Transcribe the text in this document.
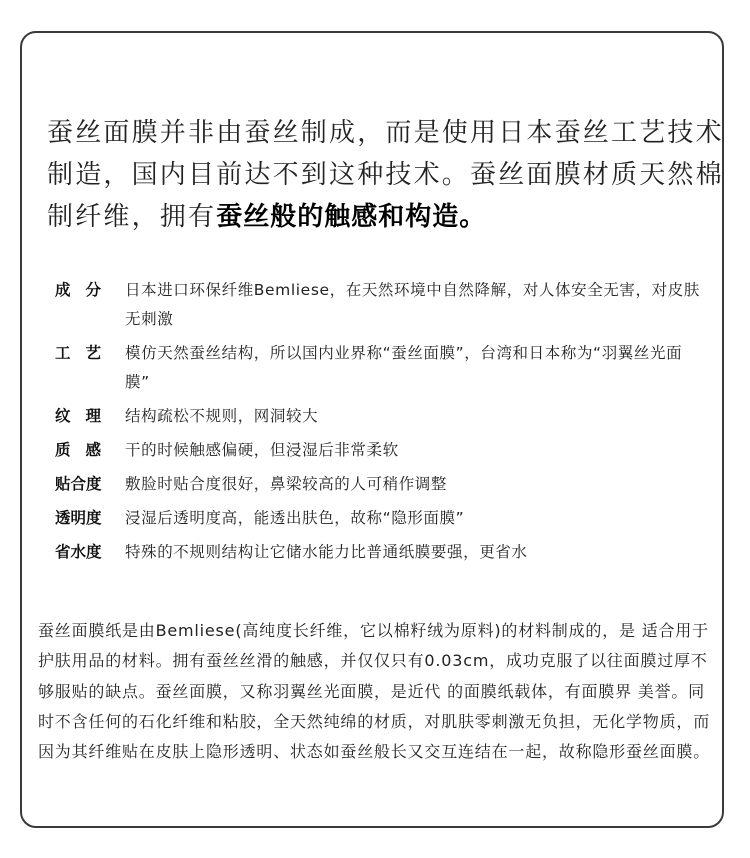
蚕丝面膜并非由蚕丝制成，而是使用日本蚕丝工艺技术制造，国内目前达不到这种技术。蚕丝面膜材质天然棉制纤维，拥有蚕丝般的触感和构造。
成分 日本进口环保纤维Bemliese，在天然环境中自然降解，对人体安全无害，对皮肤无刺激
工艺 模仿天然蚕丝结构，所以国内业界称“蚕丝面膜”，台湾和日本称为“羽翼丝光面膜”
纹理 结构疏松不规则，网洞较大
质感 干的时候触感偏硬，但浸湿后非常柔软
贴合度	敷脸时贴合度很好，鼻梁较高的人可稍作调整
透明度	浸湿后透明度高，能透出肤色，故称“隐形面膜”
省水度	特殊的不规则结构让它储水能力比普通纸膜要强，更省水
蚕丝面膜纸是由Bemliese(高纯度长纤维，它以棉籽绒为原料)的材料制成的，是 适合用于护肤用品的材料。拥有蚕丝丝滑的触感，并仅仅只有0.03cm，成功克服了以往面膜过厚不够服贴的缺点。蚕丝面膜，又称羽翼丝光面膜，是近代 的面膜纸载体，有面膜界 美誉。同时不含任何的石化纤维和粘胶，全天然纯绵的材质，对肌肤零刺激无负担，无化学物质，而因为其纤维贴在皮肤上隐形透明、状态如蚕丝般长又交互连结在一起，故称隐形蚕丝面膜。
